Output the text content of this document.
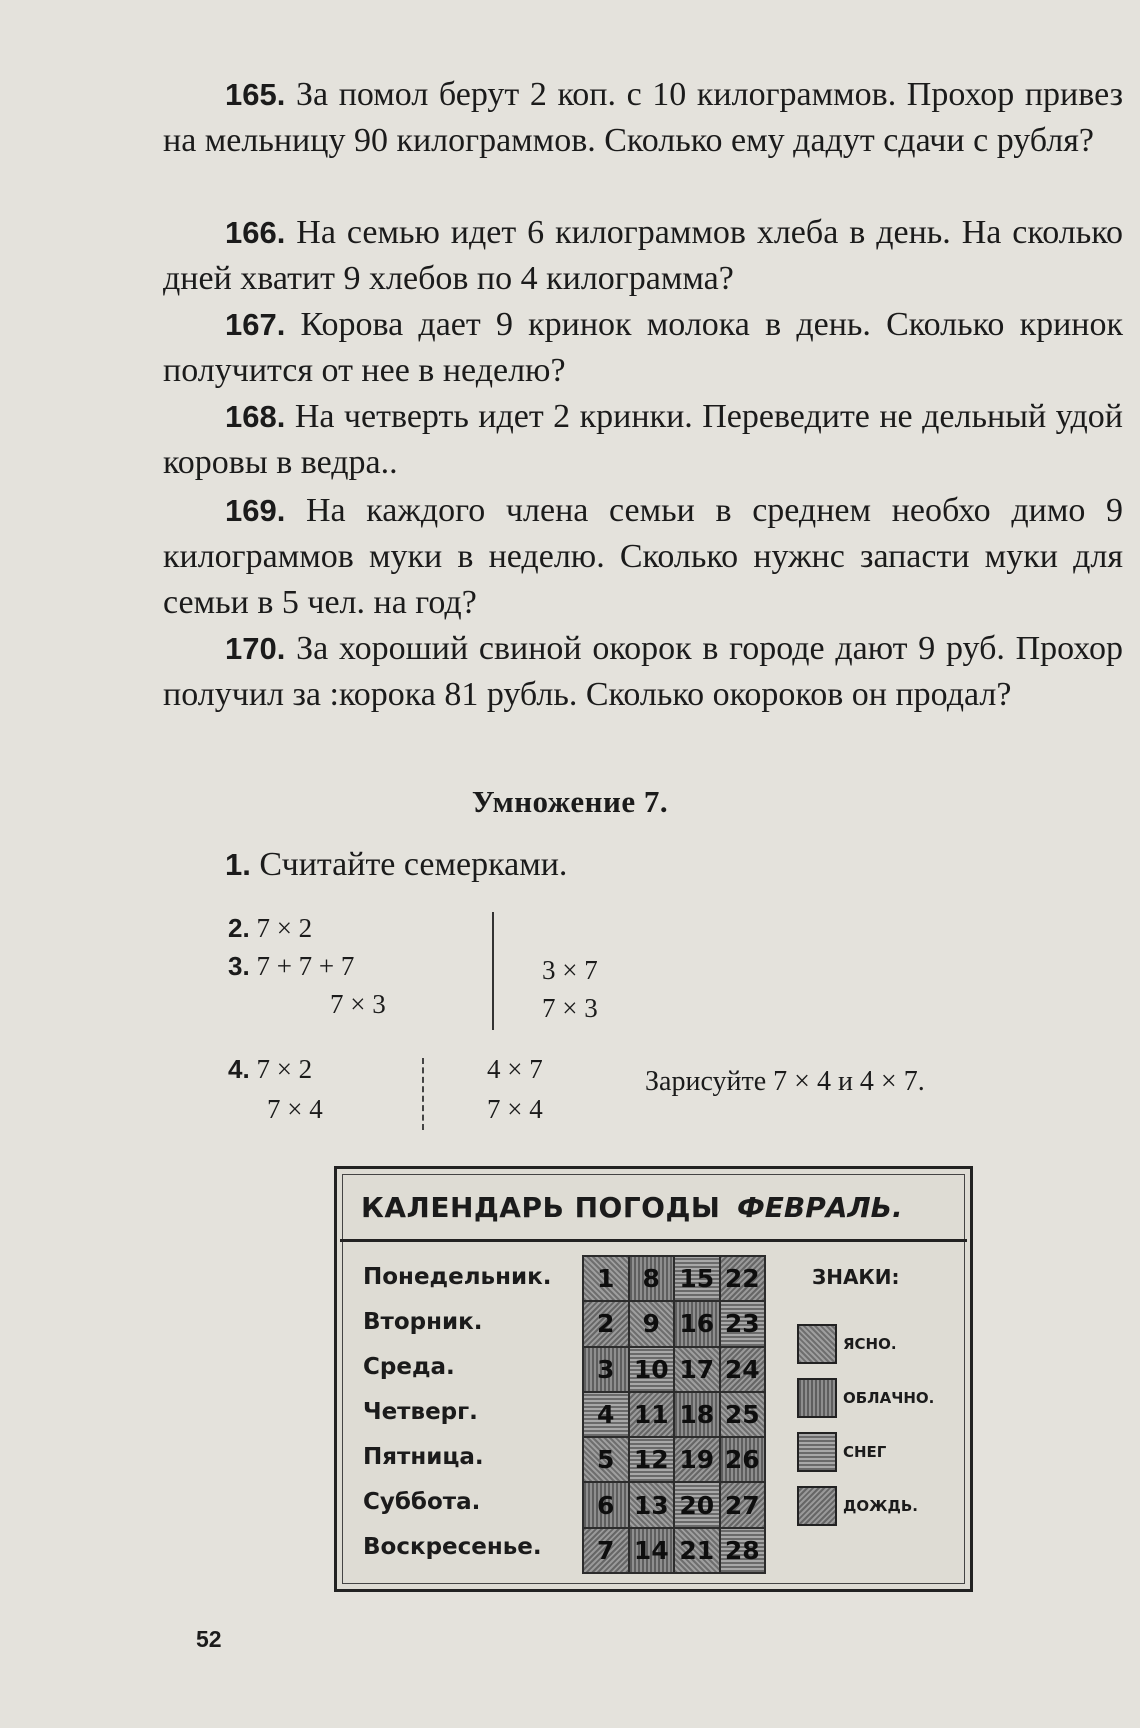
165. За помол берут 2 коп. с 10 килограммов. Прохор привез на мельницу 90 килограммов. Сколько ему дадут сдачи с рубля?
166. На семью идет 6 килограммов хлеба в день. На сколько дней хватит 9 хлебов по 4 килограмма?
167. Корова дает 9 кринок молока в день. Сколько кринок получится от нее в неделю?
168. На четверть идет 2 кринки. Переведите не дельный удой коровы в ведра..
169. На каждого члена семьи в среднем необхо димо 9 килограммов муки в неделю. Сколько нужнс запасти муки для семьи в 5 чел. на год?
170. За хороший свиной окорок в городе дают 9 руб. Прохор получил за :корока 81 рубль. Сколько окороков он продал?
Умножение 7.
1. Считайте семерками.
2. 7 × 2
3. 7 + 7 + 7
7 × 3
3 × 7
7 × 3
4. 7 × 2
7 × 4
4 × 7
7 × 4
Зарисуйте 7 × 4 и 4 × 7.
КАЛЕНДАРЬ ПОГОДЫ ФЕВРАЛЬ.
Понедельник.
Вторник.
Среда.
Четверг.
Пятница.
Суббота.
Воскресенье.
1	8 15 22
2	9 16 23
3 10 17 24
4 11 18 25
5 12 19 26
6 13 20 27
7 14 21 28
ЗНАКИ:
ЯСНО.
ОБЛАЧНО.
СНЕГ
ДОЖДЬ.
52
